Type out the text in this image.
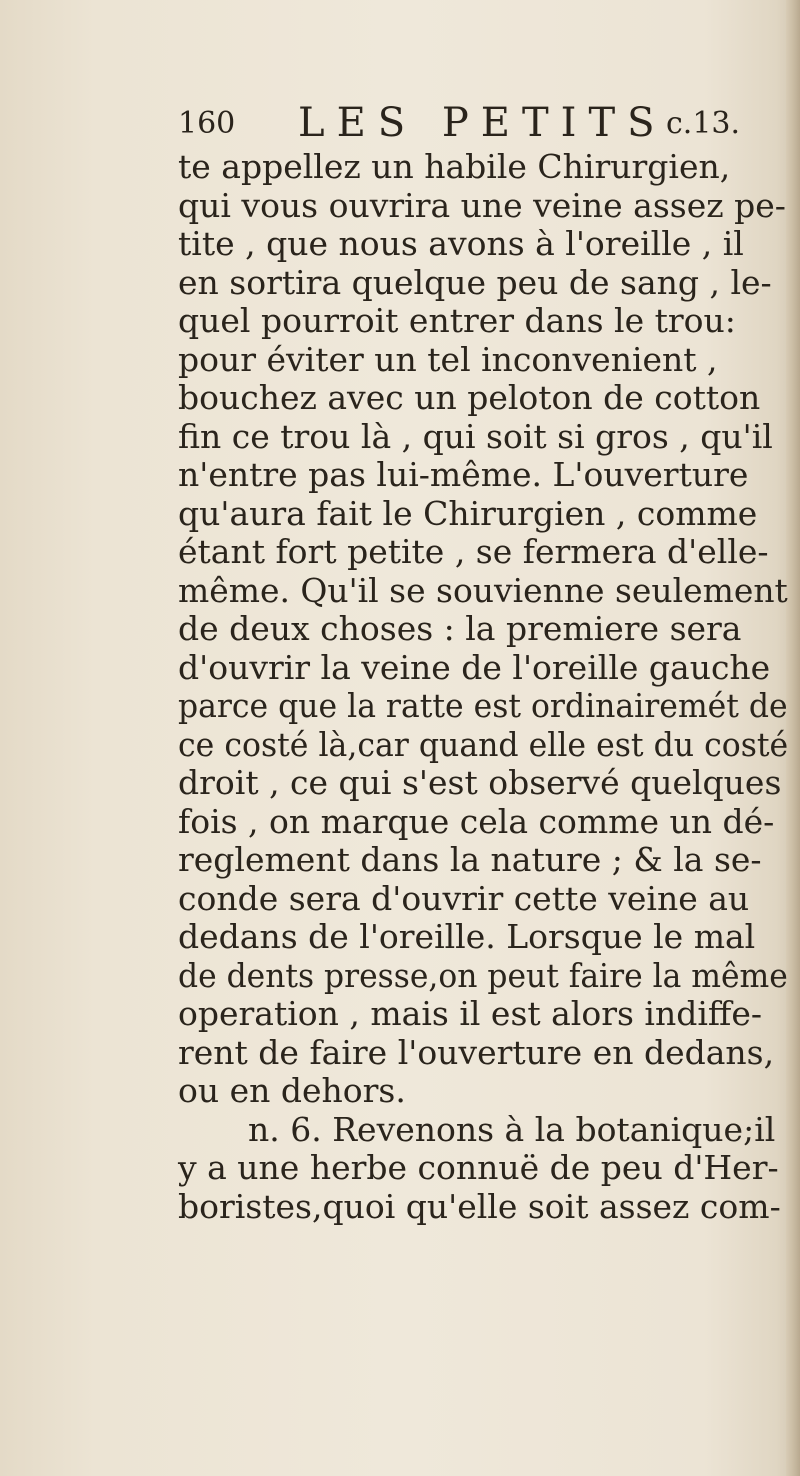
160 LES PETITS c.13.
te appellez un habile Chirurgien,
qui vous ouvrira une veine assez pe-
tite , que nous avons à l'oreille , il
en sortira quelque peu de sang , le-
quel pourroit entrer dans le trou:
pour éviter un tel inconvenient ,
bouchez avec un peloton de cotton
fin ce trou là , qui soit si gros , qu'il
n'entre pas lui-même. L'ouverture
qu'aura fait le Chirurgien , comme
étant fort petite , se fermera d'elle-
même. Qu'il se souvienne seulement
de deux choses : la premiere sera
d'ouvrir la veine de l'oreille gauche
parce que la ratte est ordinairemét de
ce costé là,car quand elle est du costé
droit , ce qui s'est observé quelques
fois , on marque cela comme un dé-
reglement dans la nature ; & la se-
conde sera d'ouvrir cette veine au
dedans de l'oreille. Lorsque le mal
de dents presse,on peut faire la même
operation , mais il est alors indiffe-
rent de faire l'ouverture en dedans,
ou en dehors.
n. 6. Revenons à la botanique;il
y a une herbe connuë de peu d'Her-
boristes,quoi qu'elle soit assez com-
